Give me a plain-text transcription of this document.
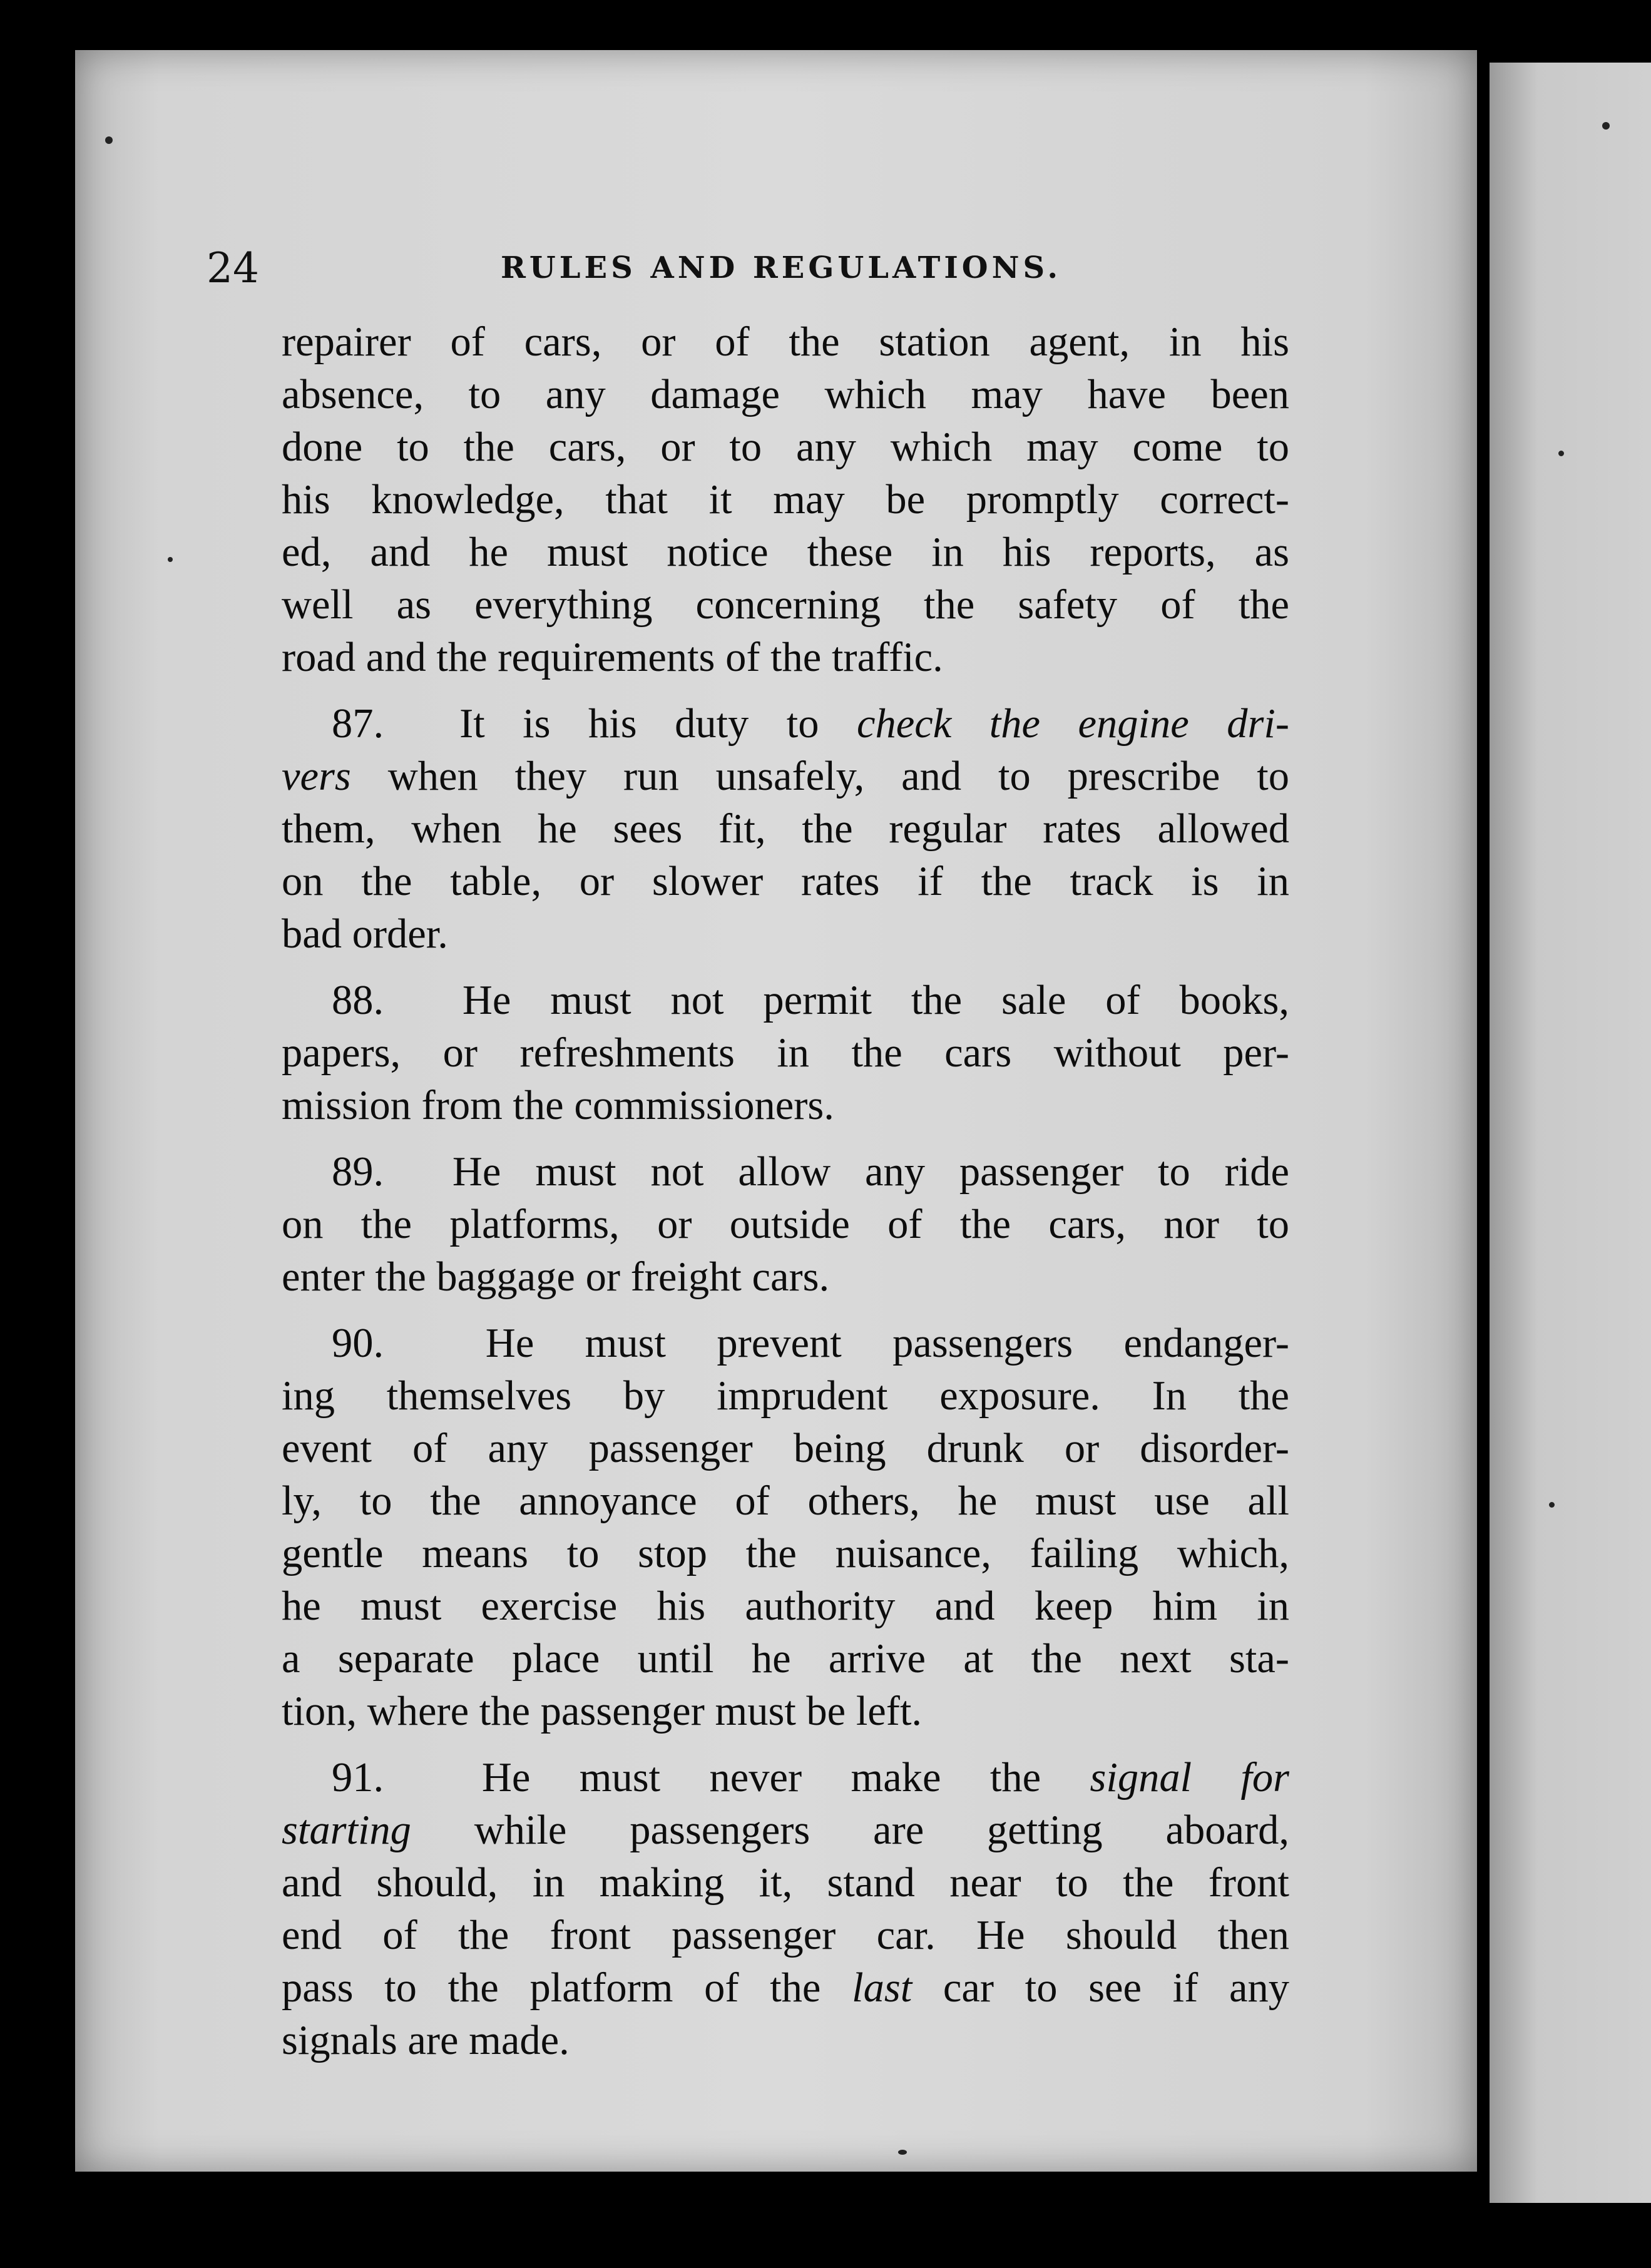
24	RULES AND REGULATIONS.
repairer of cars, or of the station agent, in his
absence, to any damage which may have been
done to the cars, or to any which may come to
his knowledge, that it may be promptly correct-
ed, and he must notice these in his reports, as
well as everything concerning the safety of the
road and the requirements of the traffic.
87. It is his duty to check the engine dri-
vers when they run unsafely, and to prescribe to
them, when he sees fit, the regular rates allowed
on the table, or slower rates if the track is in
bad order.
88. He must not permit the sale of books,
papers, or refreshments in the cars without per-
mission from the commissioners.
89. He must not allow any passenger to ride
on the platforms, or outside of the cars, nor to
enter the baggage or freight cars.
90. He must prevent passengers endanger-
ing themselves by imprudent exposure. In the
event of any passenger being drunk or disorder-
ly, to the annoyance of others, he must use all
gentle means to stop the nuisance, failing which,
he must exercise his authority and keep him in
a separate place until he arrive at the next sta-
tion, where the passenger must be left.
91. He must never make the signal for
starting while passengers are getting aboard,
and should, in making it, stand near to the front
end of the front passenger car. He should then
pass to the platform of the last car to see if any
signals are made.
